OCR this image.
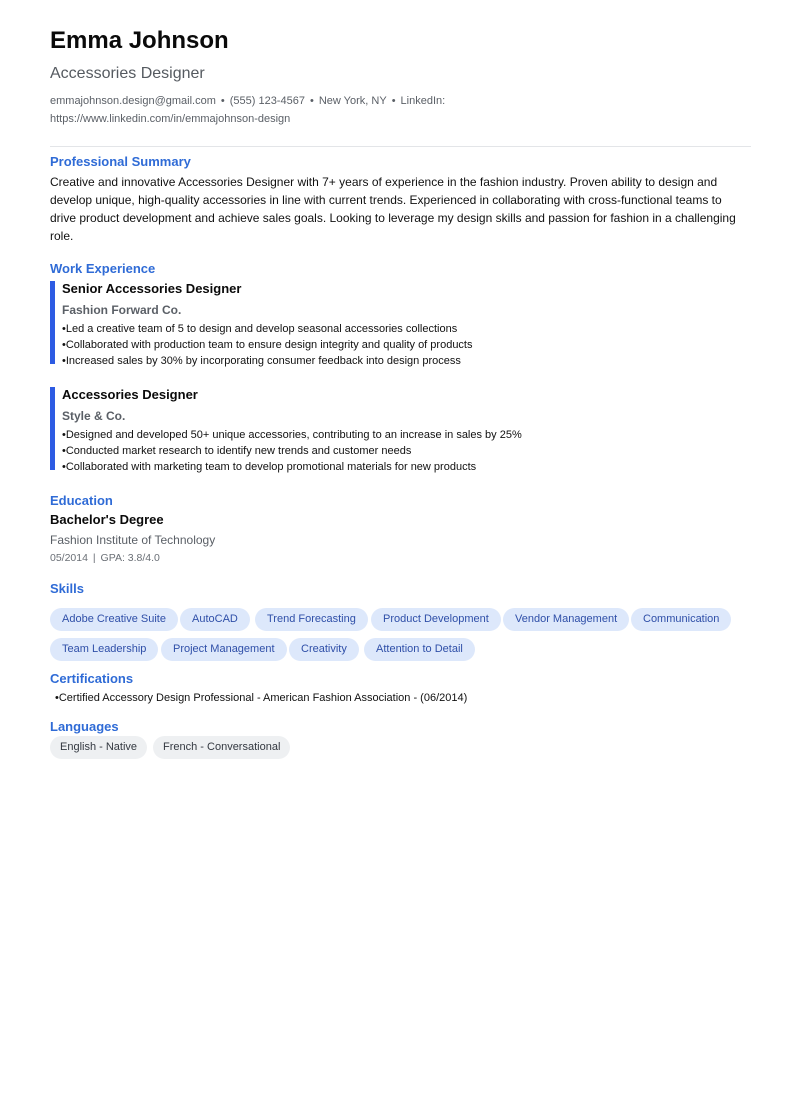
Emma Johnson
Accessories Designer
emmajohnson.design@gmail.com • (555) 123-4567 • New York, NY • LinkedIn:
https://www.linkedin.com/in/emmajohnson-design
Professional Summary
Creative and innovative Accessories Designer with 7+ years of experience in the fashion industry. Proven ability to design and develop unique, high-quality accessories in line with current trends. Experienced in collaborating with cross-functional teams to drive product development and achieve sales goals. Looking to leverage my design skills and passion for fashion in a challenging role.
Work Experience
Senior Accessories Designer
Fashion Forward Co.
• Led a creative team of 5 to design and develop seasonal accessories collections
• Collaborated with production team to ensure design integrity and quality of products
• Increased sales by 30% by incorporating consumer feedback into design process
Accessories Designer
Style & Co.
• Designed and developed 50+ unique accessories, contributing to an increase in sales by 25%
• Conducted market research to identify new trends and customer needs
• Collaborated with marketing team to develop promotional materials for new products
Education
Bachelor's Degree
Fashion Institute of Technology
05/2014 | GPA: 3.8/4.0
Skills
Adobe Creative Suite	AutoCAD	Trend Forecasting	Product Development	Vendor Management	Communication
Team Leadership	Project Management	Creativity	Attention to Detail
Certifications
• Certified Accessory Design Professional - American Fashion Association - (06/2014)
Languages
English - Native	French - Conversational
